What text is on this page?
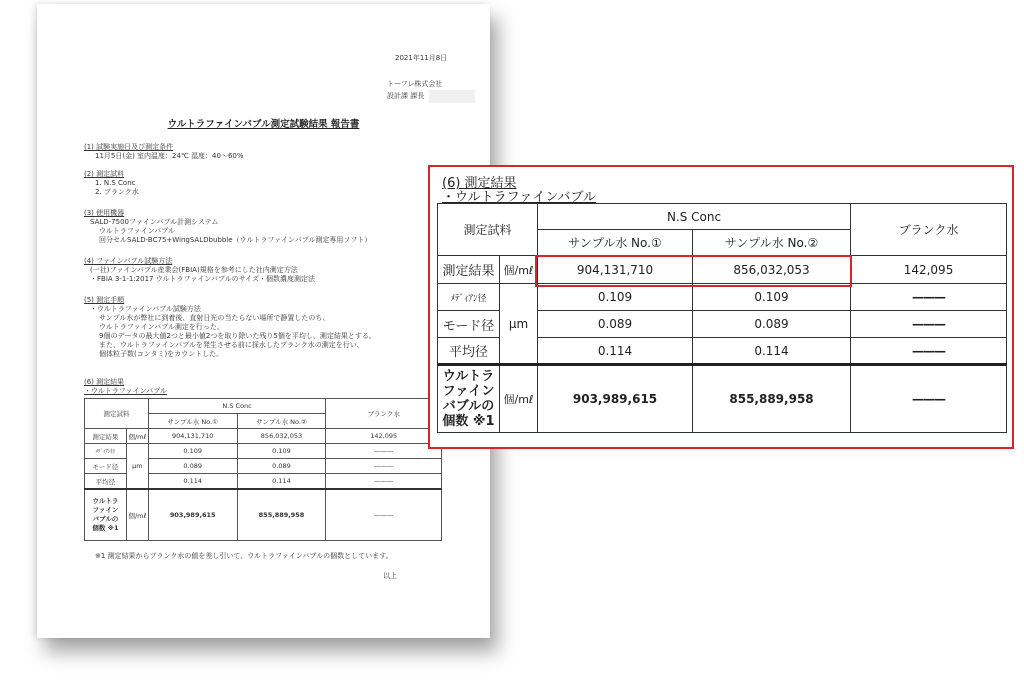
2021年11月8日
トーフレ株式会社
設計課 課長
ウルトラファインバブル測定試験結果 報告書
(1) 試験実施日及び測定条件
11月5日(金) 室内温度：24℃ 湿度：40〜60%
(2) 測定試料
1. N.S Conc
2. ブランク水
(3) 使用機器
SALD-7500ファインバブル計測システム
ウルトラファインバブル
回分セルSALD-BC75+WingSALDbubble（ウルトラファインバブル測定専用ソフト）
(4) ファインバブル試験方法
(一社)ファインバブル産業会(FBIA)規格を参考にした社内測定方法
・FBIA 3-1-1:2017 ウルトラファインバブルのサイズ・個数濃度測定法
(5) 測定手順
・ウルトラファインバブル試験方法
サンプル水が弊社に到着後、直射日光の当たらない場所で静置したのち、
ウルトラファインバブル測定を行った。
9個のデータの最大値2つと最小値2つを取り除いた残り5個を平均し、測定結果とする。
また、ウルトラファインバブルを発生させる前に採水したブランク水の測定を行い、
個体粒子数(コンタミ)をカウントした。
(6) 測定結果
・ウルトラファインバブル
測定試料		N.S Conc		ブランク水
		サンプル水 No.①	サンプル水 No.②	
測定結果	個/mℓ	904,131,710	856,032,053	142,095
ﾒﾃﾞｨｱﾝ径	μm	0.109	0.109	———
モード径		0.089	0.089	———
平均径		0.114	0.114	———
ウルトラ
ファイン
バブルの
個数 ※1	個/mℓ	903,989,615	855,889,958	———
※1 測定結果からブランク水の値を差し引いて、ウルトラファインバブルの個数としています。
以上
(6) 測定結果
・ウルトラファインバブル
測定試料		N.S Conc		ブランク水
		サンプル水 No.①	サンプル水 No.②	
測定結果	個/mℓ	904,131,710	856,032,053	142,095
ﾒﾃﾞｨｱﾝ径	μm	0.109	0.109	———
モード径		0.089	0.089	———
平均径		0.114	0.114	———
ウルトラ
ファイン
バブルの
個数 ※1	個/mℓ	903,989,615	855,889,958	———
